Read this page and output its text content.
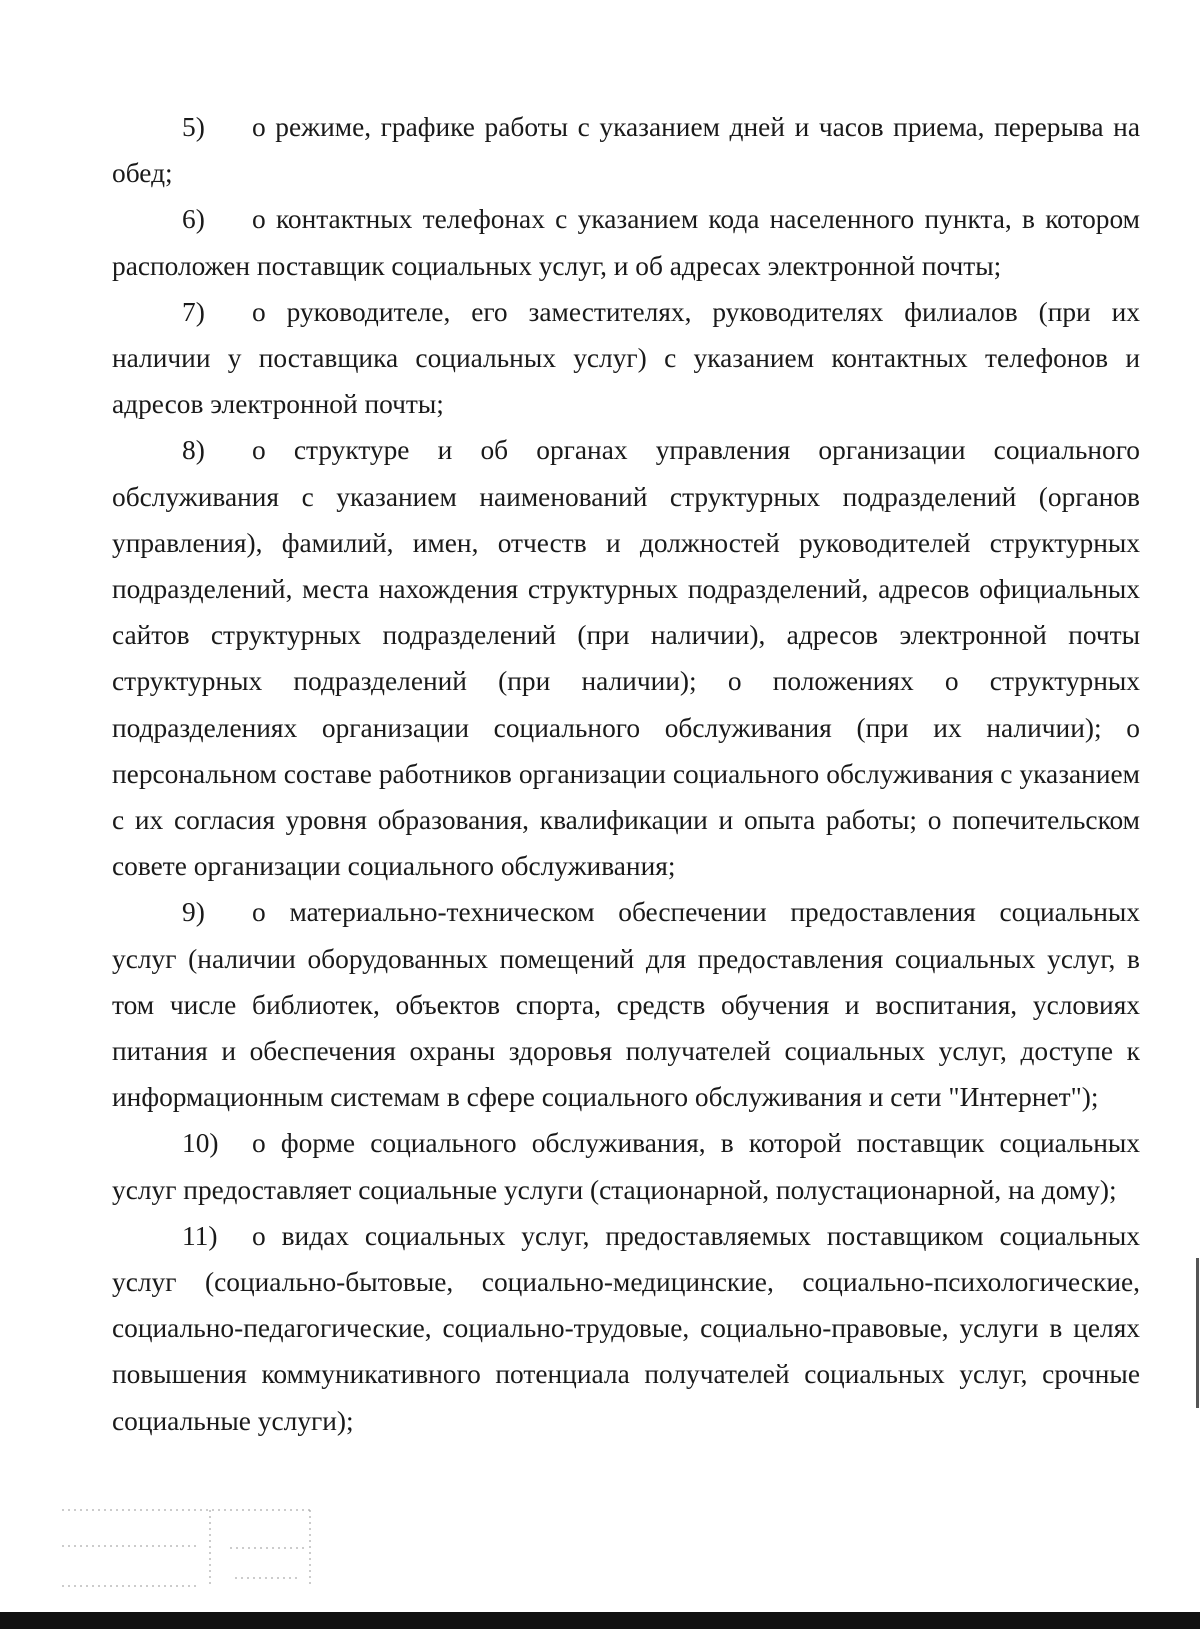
5) о режиме, графике работы с указанием дней и часов приема, перерыва на обед;

6) о контактных телефонах с указанием кода населенного пункта, в котором расположен поставщик социальных услуг, и об адресах электронной почты;

7) о руководителе, его заместителях, руководителях филиалов (при их наличии у поставщика социальных услуг) с указанием контактных телефонов и адресов электронной почты;

8) о структуре и об органах управления организации социального обслуживания с указанием наименований структурных подразделений (органов управления), фамилий, имен, отчеств и должностей руководителей структурных подразделений, места нахождения структурных подразделений, адресов официальных сайтов структурных подразделений (при наличии), адресов электронной почты структурных подразделений (при наличии); о положениях о структурных подразделениях организации социального обслуживания (при их наличии); о персональном составе работников организации социального обслуживания с указанием с их согласия уровня образования, квалификации и опыта работы; о попечительском совете организации социального обслуживания;

9) о материально-техническом обеспечении предоставления социальных услуг (наличии оборудованных помещений для предоставления социальных услуг, в том числе библиотек, объектов спорта, средств обучения и воспитания, условиях питания и обеспечения охраны здоровья получателей социальных услуг, доступе к информационным системам в сфере социального обслуживания и сети "Интернет");

10) о форме социального обслуживания, в которой поставщик социальных услуг предоставляет социальные услуги (стационарной, полустационарной, на дому);

11) о видах социальных услуг, предоставляемых поставщиком социальных услуг (социально-бытовые, социально-медицинские, социально-психологические, социально-педагогические, социально-трудовые, социально-правовые, услуги в целях повышения коммуникативного потенциала получателей социальных услуг, срочные социальные услуги);
